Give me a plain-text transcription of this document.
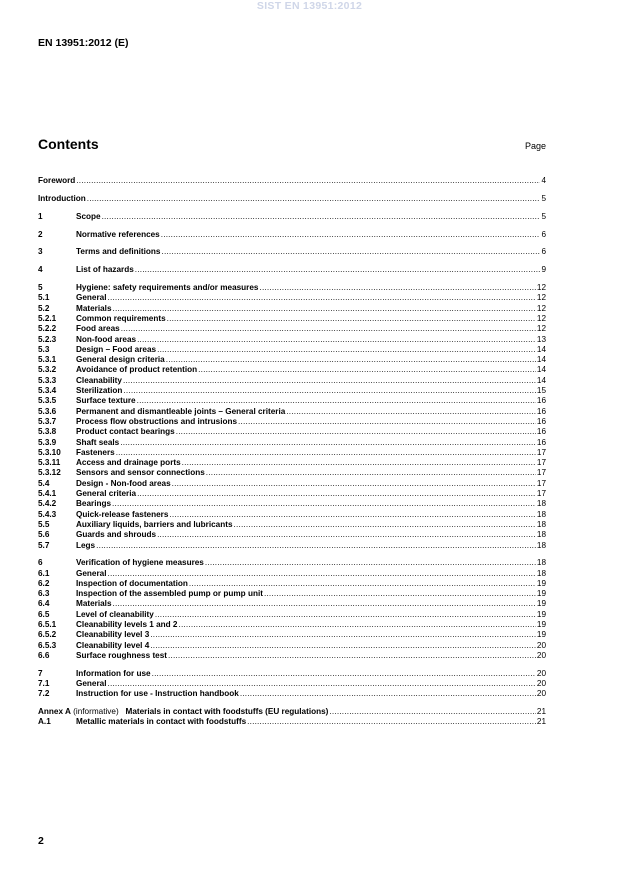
SIST EN 13951:2012
EN 13951:2012 (E)
Contents	Page
Foreword .....	4
Introduction .....	5
1	Scope .....	5
2	Normative references .....	6
3	Terms and definitions .....	6
4	List of hazards .....	9
5	Hygiene: safety requirements and/or measures .....	12
5.1	General .....	12
5.2	Materials .....	12
5.2.1	Common requirements .....	12
5.2.2	Food areas .....	12
5.2.3	Non-food areas .....	13
5.3	Design – Food areas .....	14
5.3.1	General design criteria .....	14
5.3.2	Avoidance of product retention .....	14
5.3.3	Cleanability .....	14
5.3.4	Sterilization .....	15
5.3.5	Surface texture .....	16
5.3.6	Permanent and dismantleable joints – General criteria .....	16
5.3.7	Process flow obstructions and intrusions .....	16
5.3.8	Product contact bearings .....	16
5.3.9	Shaft seals .....	16
5.3.10	Fasteners .....	17
5.3.11	Access and drainage ports .....	17
5.3.12	Sensors and sensor connections .....	17
5.4	Design - Non-food areas .....	17
5.4.1	General criteria .....	17
5.4.2	Bearings .....	18
5.4.3	Quick-release fasteners .....	18
5.5	Auxiliary liquids, barriers and lubricants .....	18
5.6	Guards and shrouds .....	18
5.7	Legs .....	18
6	Verification of hygiene measures .....	18
6.1	General .....	18
6.2	Inspection of documentation .....	19
6.3	Inspection of the assembled pump or pump unit .....	19
6.4	Materials .....	19
6.5	Level of cleanability .....	19
6.5.1	Cleanability levels 1 and 2 .....	19
6.5.2	Cleanability level 3 .....	19
6.5.3	Cleanability level 4 .....	20
6.6	Surface roughness test .....	20
7	Information for use .....	20
7.1	General .....	20
7.2	Instruction for use - Instruction handbook .....	20
Annex A (informative)   Materials in contact with foodstuffs (EU regulations) .....	21
A.1	Metallic materials in contact with foodstuffs .....	21
2
